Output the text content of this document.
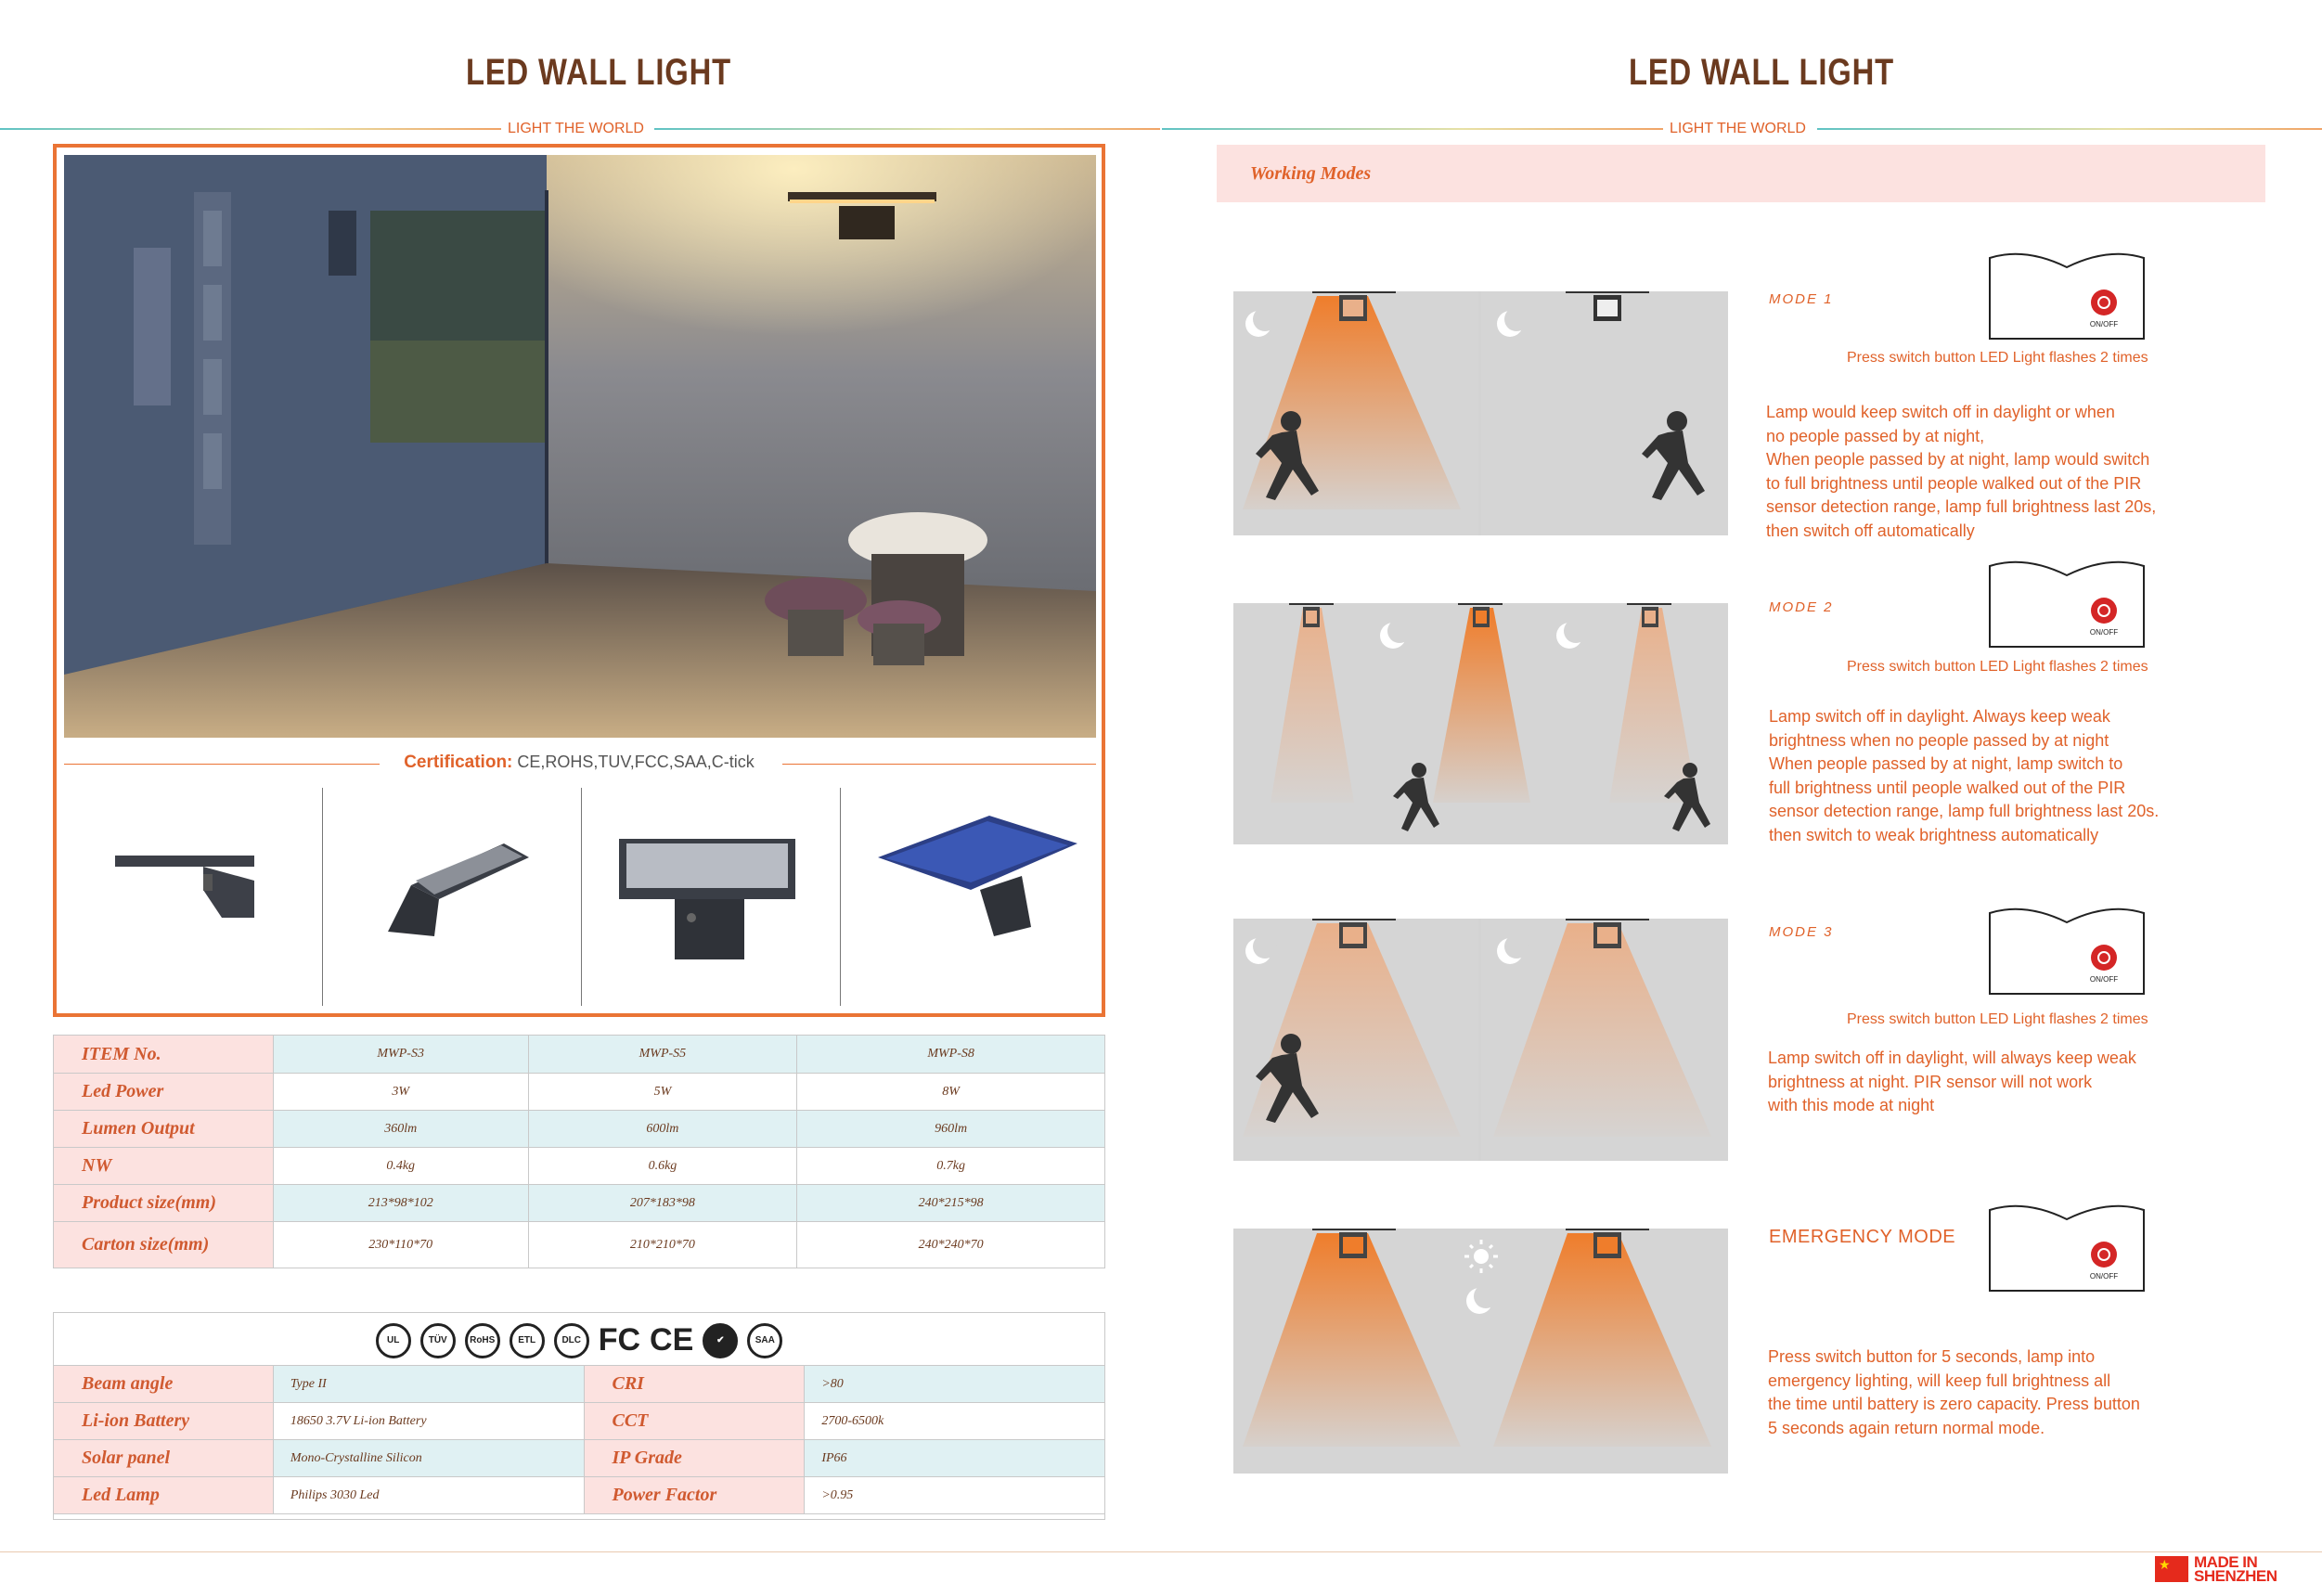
LED WALL LIGHT
LIGHT THE WORLD
Certification: CE,ROHS,TUV,FCC,SAA,C-tick
ITEM No.	MWP-S3	MWP-S5	MWP-S8
Led Power	3W	5W	8W
Lumen Output	360lm	600lm	960lm
NW	0.4kg	0.6kg	0.7kg
Product size(mm)	213*98*102	207*183*98	240*215*98
Carton size(mm)	230*110*70	210*210*70	240*240*70
UL	TÜV	RoHS	ETL	DLC FC CE	✔	SAA
Beam angle	Type II	CRI	>80
Li-ion Battery	18650 3.7V Li-ion Battery	CCT	2700-6500k
Solar panel	Mono-Crystalline Silicon	IP Grade	IP66
Led Lamp	Philips 3030 Led	Power Factor	>0.95
LED WALL LIGHT
LIGHT THE WORLD
Working Modes
MODE 1
MODE 2
MODE 3
EMERGENCY MODE
ON/OFF
ON/OFF
ON/OFF
ON/OFF
Press switch button LED Light flashes 2 times
Press switch button LED Light flashes 2 times
Press switch button LED Light flashes 2 times
Lamp would keep switch off in daylight or when
no people passed by at night,
When people passed by at night, lamp would switch
to full brightness until people walked out of the PIR
sensor detection range, lamp full brightness last 20s,
then switch off automatically
Lamp switch off in daylight. Always keep weak
brightness when no people passed by at night
When people passed by at night, lamp switch to
full brightness until people walked out of the PIR
sensor detection range, lamp full brightness last 20s.
then switch to weak brightness automatically
Lamp switch off in daylight, will always keep weak
brightness at night. PIR sensor will not work
with this mode at night
Press switch button for 5 seconds, lamp into
emergency lighting, will keep full brightness all
the time until battery is zero capacity. Press button
5 seconds again return normal mode.
★
MADE IN
SHENZHEN
